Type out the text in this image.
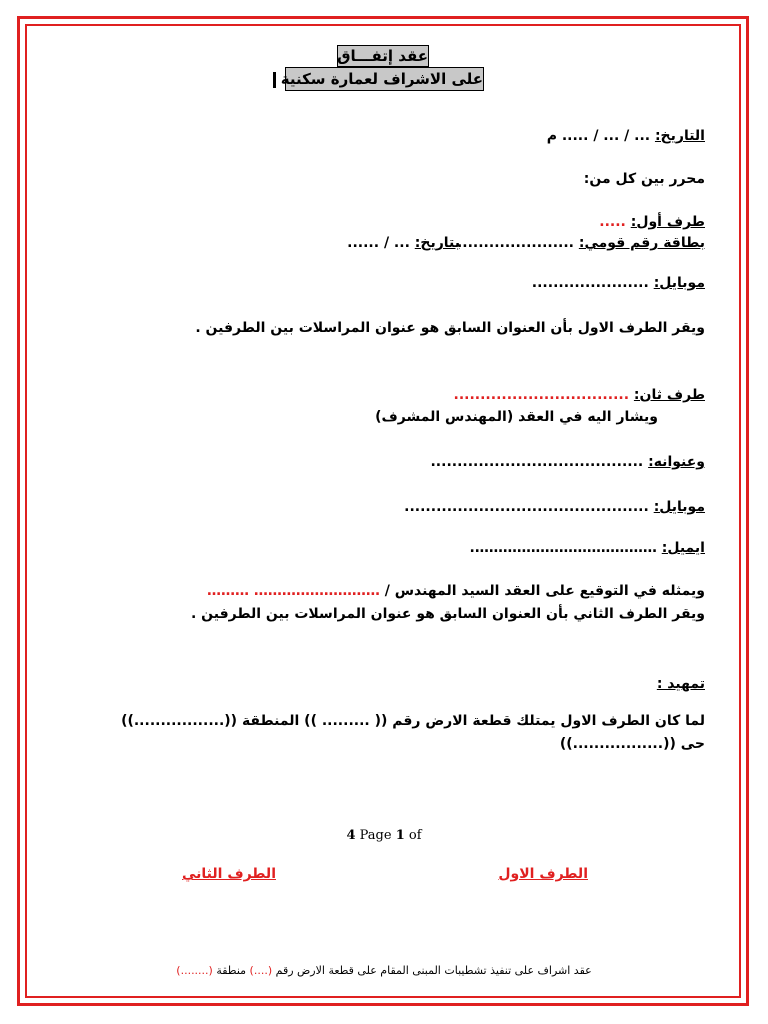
عقد إتفـــاق
على الاشراف لعمارة سكنية
التاريخ: ... / ... / ..... م
محرر بين كل من:
طرف أول: .....
بطاقة رقم قومي: ......................
بتاريخ: ... / ......
موبايل: ......................
ويقر الطرف الاول بأن العنوان السابق هو عنوان المراسلات بين الطرفين .
طرف ثان: .................................
ويشار اليه في العقد (المهندس المشرف)
وعنوانه: ........................................
موبايل: ..............................................
ايميل: ………………………………….
ويمثله في التوقيع على العقد السيد المهندس / ……………………… ………
ويقر الطرف الثاني بأن العنوان السابق هو عنوان المراسلات بين الطرفين .
تمهيد :
لما كان الطرف الاول يمتلك قطعة الارض رقم (( ......... )) المنطقة ((.................))
حى ((.................))
4 Page 1 of
الطرف الاول
الطرف الثاني
عقد اشراف على تنفيذ تشطيبات المبنى المقام على قطعة الارض رقم (....) منطقة (........)
